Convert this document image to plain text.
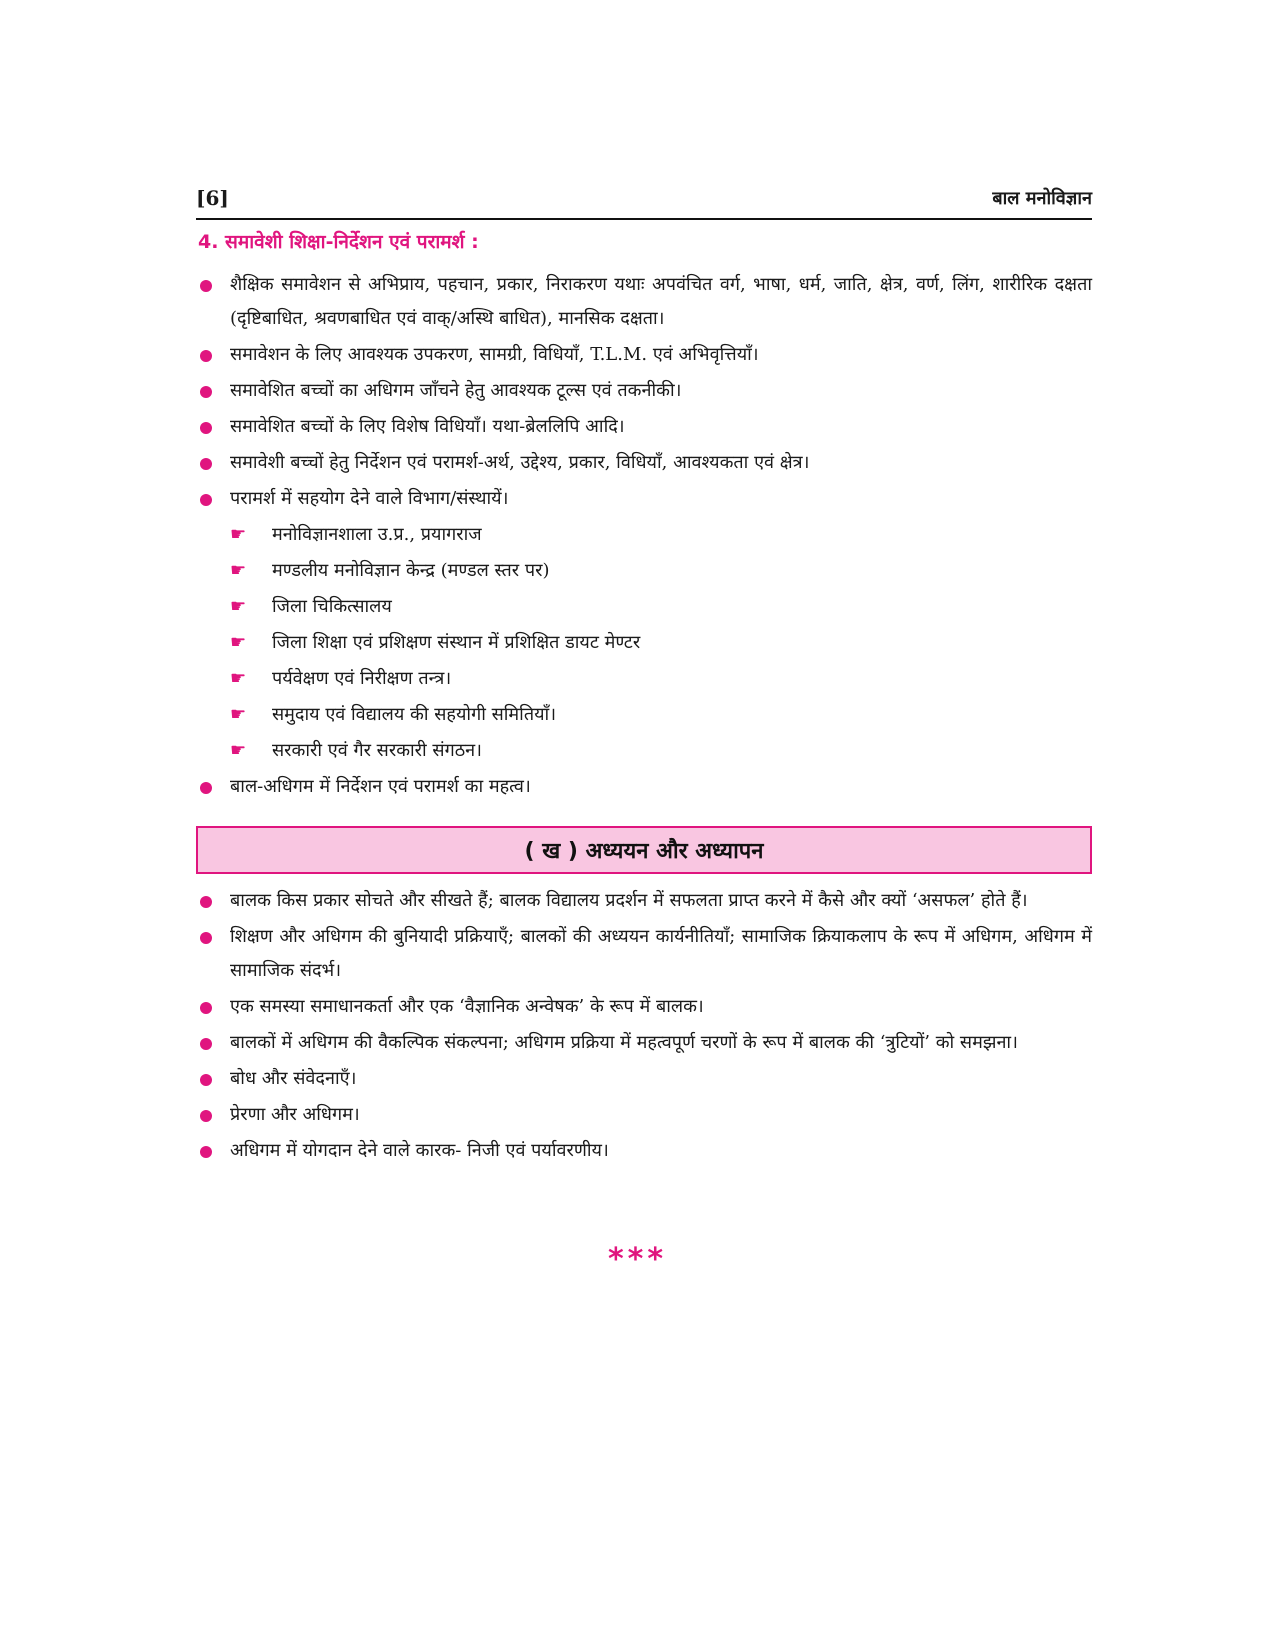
[6]	बाल मनोविज्ञान
4. समावेशी शिक्षा-निर्देशन एवं परामर्श :
शैक्षिक समावेशन से अभिप्राय, पहचान, प्रकार, निराकरण यथाः अपवंचित वर्ग, भाषा, धर्म, जाति, क्षेत्र, वर्ण, लिंग, शारीरिक दक्षता (दृष्टिबाधित, श्रवणबाधित एवं वाक्/अस्थि बाधित), मानसिक दक्षता।
समावेशन के लिए आवश्यक उपकरण, सामग्री, विधियाँ, T.L.M. एवं अभिवृत्तियाँ।
समावेशित बच्चों का अधिगम जाँचने हेतु आवश्यक टूल्स एवं तकनीकी।
समावेशित बच्चों के लिए विशेष विधियाँ। यथा-ब्रेललिपि आदि।
समावेशी बच्चों हेतु निर्देशन एवं परामर्श-अर्थ, उद्देश्य, प्रकार, विधियाँ, आवश्यकता एवं क्षेत्र।
परामर्श में सहयोग देने वाले विभाग/संस्थायें।
☛	मनोविज्ञानशाला उ.प्र., प्रयागराज
☛	मण्डलीय मनोविज्ञान केन्द्र (मण्डल स्तर पर)
☛	जिला चिकित्सालय
☛	जिला शिक्षा एवं प्रशिक्षण संस्थान में प्रशिक्षित डायट मेण्टर
☛	पर्यवेक्षण एवं निरीक्षण तन्त्र।
☛	समुदाय एवं विद्यालय की सहयोगी समितियाँ।
☛	सरकारी एवं गैर सरकारी संगठन।
बाल-अधिगम में निर्देशन एवं परामर्श का महत्व।
( ख ) अध्ययन और अध्यापन
बालक किस प्रकार सोचते और सीखते हैं; बालक विद्यालय प्रदर्शन में सफलता प्राप्त करने में कैसे और क्यों ‘असफल’ होते हैं।
शिक्षण और अधिगम की बुनियादी प्रक्रियाएँ; बालकों की अध्ययन कार्यनीतियाँ; सामाजिक क्रियाकलाप के रूप में अधिगम, अधिगम में सामाजिक संदर्भ।
एक समस्या समाधानकर्ता और एक ‘वैज्ञानिक अन्वेषक’ के रूप में बालक।
बालकों में अधिगम की वैकल्पिक संकल्पना; अधिगम प्रक्रिया में महत्वपूर्ण चरणों के रूप में बालक की ‘त्रुटियों’ को समझना।
बोध और संवेदनाएँ।
प्रेरणा और अधिगम।
अधिगम में योगदान देने वाले कारक- निजी एवं पर्यावरणीय।
***
